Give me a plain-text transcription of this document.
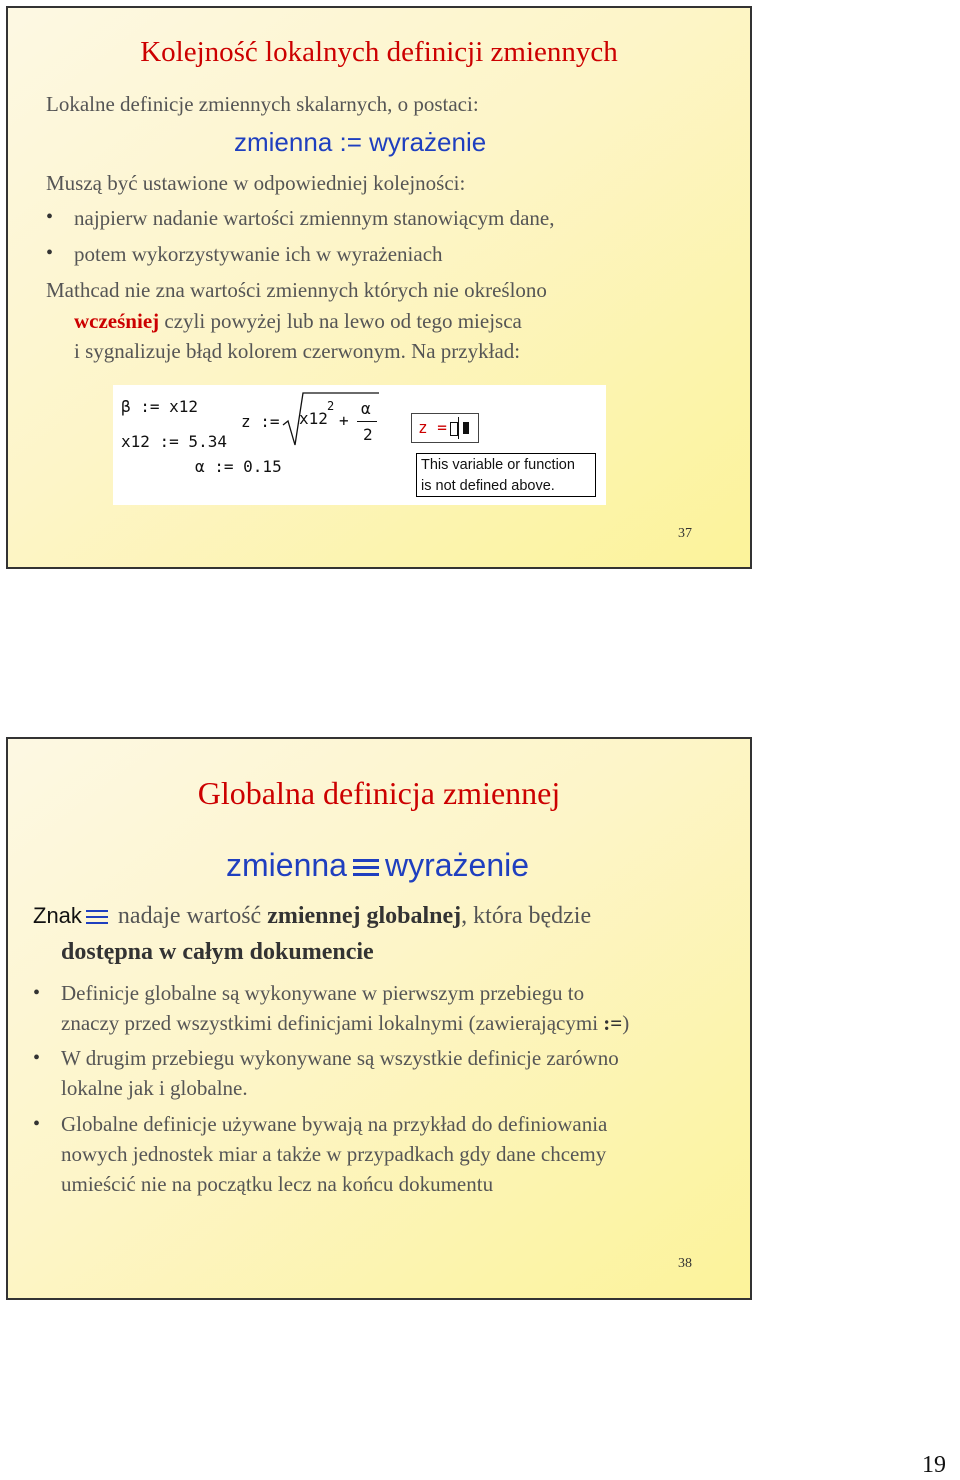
Kolejność lokalnych definicji zmiennych
Lokalne definicje zmiennych skalarnych, o postaci:
zmienna := wyrażenie
Muszą być ustawione w odpowiedniej kolejności:
• najpierw nadanie wartości zmiennym stanowiącym dane,
• potem wykorzystywanie ich w wyrażeniach
Mathcad nie zna wartości zmiennych których nie określono
wcześniej czyli powyżej lub na lewo od tego miejsca
i sygnalizuje błąd kolorem czerwonym. Na przykład:
β := x12
x12 := 5.34
α := 0.15
z := x12
2
+
α
2	z =
This variable or function
is not defined above.
37
Globalna definicja zmiennej
zmienna wyrażenie
Znak
nadaje wartość zmiennej globalnej, która będzie
dostępna w całym dokumencie
• Definicje globalne są wykonywane w pierwszym przebiegu to
znaczy przed wszystkimi definicjami lokalnymi (zawierającymi :=)
• W drugim przebiegu wykonywane są wszystkie definicje zarówno
lokalne jak i globalne.
• Globalne definicje używane bywają na przykład do definiowania
nowych jednostek miar a także w przypadkach gdy dane chcemy
umieścić nie na początku lecz na końcu dokumentu
38
19
